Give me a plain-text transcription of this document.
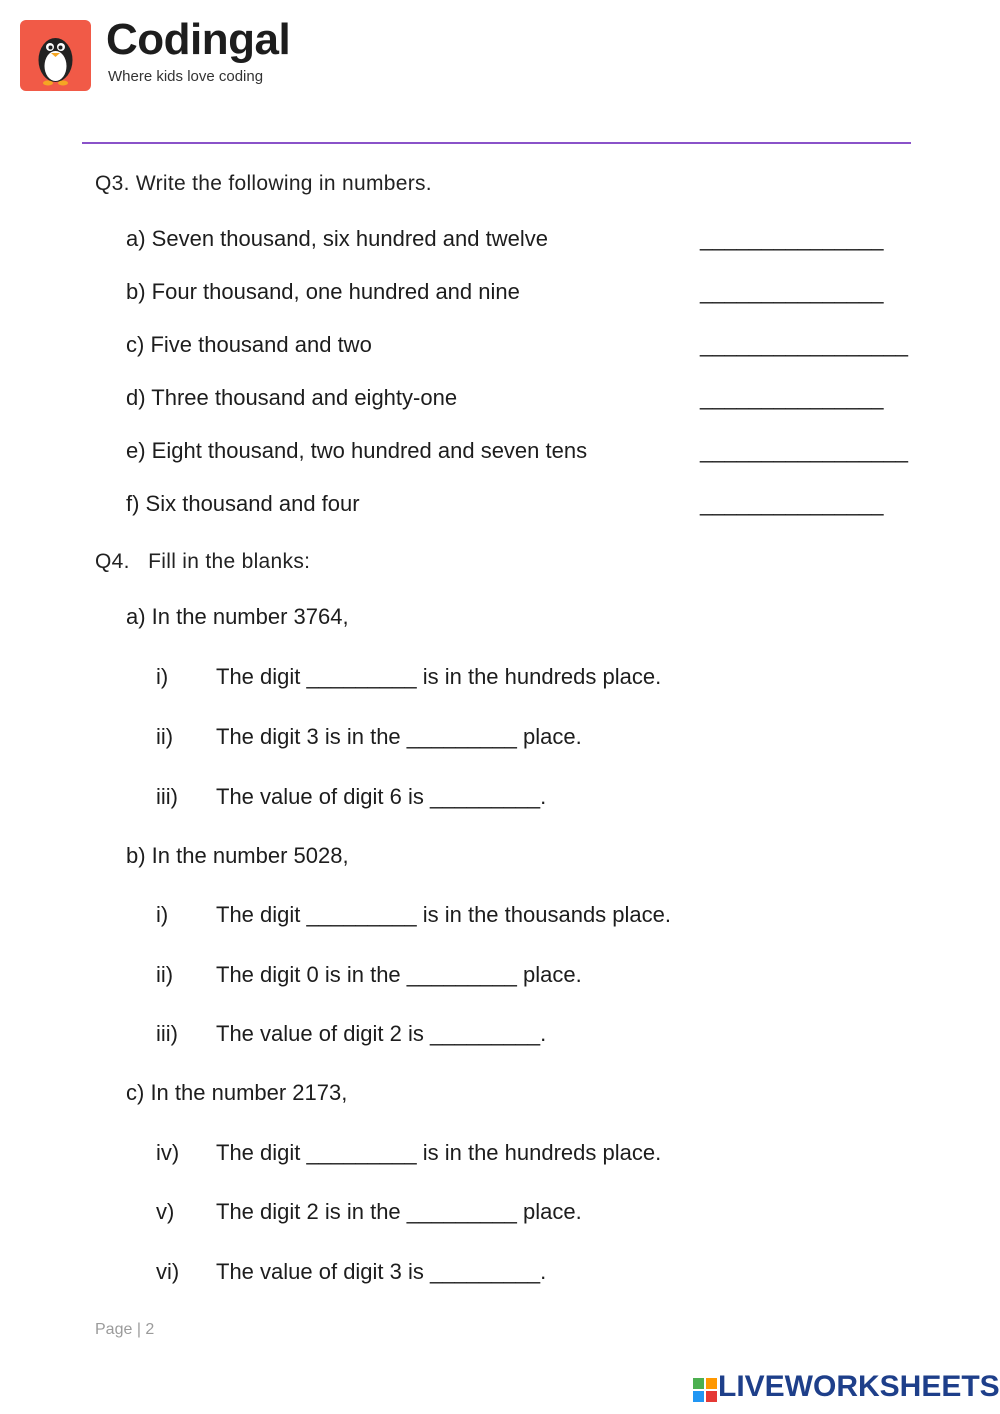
Codingal
Where kids love coding
Q3. Write the following in numbers.
a) Seven thousand, six hundred and twelve	_______________
b) Four thousand, one hundred and nine	_______________
c) Five thousand and two	_________________
d) Three thousand and eighty-one	_______________
e) Eight thousand, two hundred and seven tens	_________________
f) Six thousand and four	_______________
Q4.   Fill in the blanks:
a) In the number 3764,
i) The digit _________ is in the hundreds place.
ii) The digit 3 is in the _________ place.
iii) The value of digit 6 is _________.
b) In the number 5028,
i) The digit _________ is in the thousands place.
ii) The digit 0 is in the _________ place.
iii) The value of digit 2 is _________.
c) In the number 2173,
iv) The digit _________ is in the hundreds place.
v) The digit 2 is in the _________ place.
vi) The value of digit 3 is _________.
Page | 2
LIVEWORKSHEETS
